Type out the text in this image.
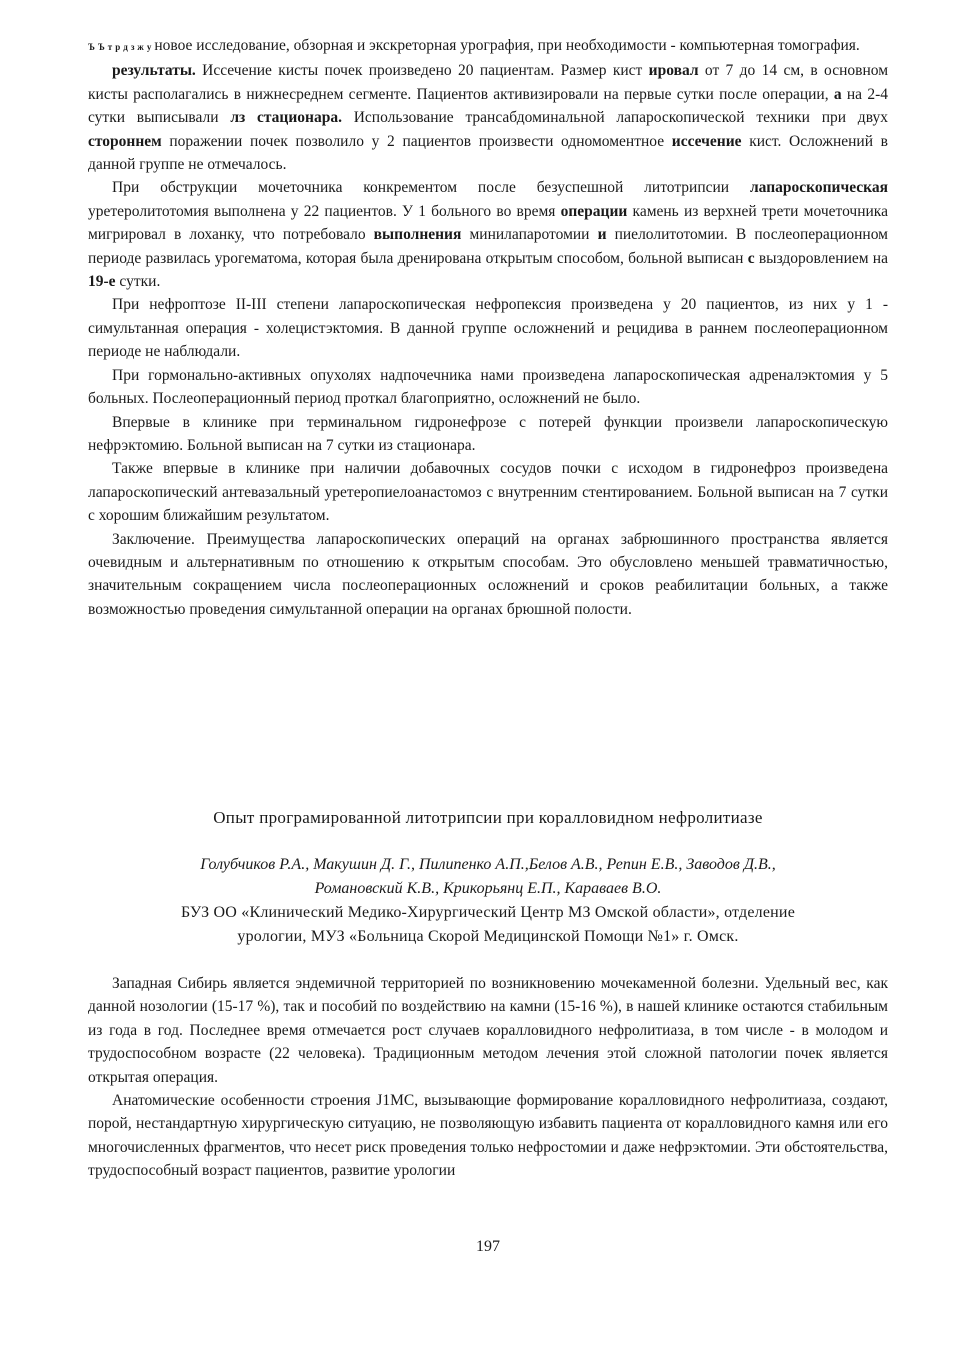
ЪЪтрдзжуновое исследование, обзорная и экскреторная урография, при необходимости - компьютерная томография.

результаты. Иссечение кисты почек произведено 20 пациентам. Размер кист ировал от 7 до 14 см, в основном кисты располагались в нижнесреднем сегменте. Пациентов активизировали на первые сутки после операции, а на 2-4 сутки выписывали лз стационара. Использование трансабдоминальной лапароскопической техники при двух стороннем поражении почек позволило у 2 пациентов произвести одномоментное иссечение кист. Осложнений в данной группе не отмечалось.

При обструкции мочеточника конкрементом после безуспешной литотрипсии лапароскопическая уретеролитотомия выполнена у 22 пациентов. У 1 больного во время операции камень из верхней трети мочеточника мигрировал в лоханку, что потребовало выполнения минилапаротомии и пиелолитотомии. В послеоперационном периоде развилась урогематома, которая была дренирована открытым способом, больной выписан с выздоровлением на 19-е сутки.

При нефроптозе II-III степени лапароскопическая нефропексия произведена у 20 пациентов, из них у 1 - симультанная операция - холецистэктомия. В данной группе осложнений и рецидива в раннем послеоперационном периоде не наблюдали.

При гормонально-активных опухолях надпочечника нами произведена лапароскопическая адреналэктомия у 5 больных. Послеоперационный период проткал благоприятно, осложнений не было.

Впервые в клинике при терминальном гидронефрозе с потерей функции произвели лапароскопическую нефрэктомию. Больной выписан на 7 сутки из стационара.

Также впервые в клинике при наличии добавочных сосудов почки с исходом в гидронефроз произведена лапароскопический антевазальный уретеропиелоанастомоз с внутренним стентированием. Больной выписан на 7 сутки с хорошим ближайшим результатом.

Заключение. Преимущества лапароскопических операций на органах забрюшинного пространства является очевидным и альтернативным по отношению к открытым способам. Это обусловлено меньшей травматичностью, значительным сокращением числа послеоперационных осложнений и сроков реабилитации больных, а также возможностью проведения симультанной операции на органах брюшной полости.

Опыт програмированной литотрипсии при коралловидном нефролитиазе
Голубчиков Р.А., Макушин Д. Г., Пилипенко А.П.,Белов А.В., Репин Е.В., Заводов Д.В.,
Романовский К.В., Крикорьянц Е.П., Караваев В.О.
БУЗ ОО «Клинический Медико-Хирургический Центр МЗ Омской области», отделение
урологии, МУЗ «Больница Скорой Медицинской Помощи №1» г. Омск.

Западная Сибирь является эндемичной территорией по возникновению мочекаменной болезни. Удельный вес, как данной нозологии (15-17 %), так и пособий по воздействию на камни (15-16 %), в нашей клинике остаются стабильным из года в год. Последнее время отмечается рост случаев коралловидного нефролитиаза, в том числе - в молодом и трудоспособном возрасте (22 человека). Традиционным методом лечения этой сложной патологии почек является открытая операция.

Анатомические особенности строения J1МС, вызывающие формирование коралловидного нефролитиаза, создают, порой, нестандартную хирургическую ситуацию, не позволяющую избавить пациента от коралловидного камня или его многочисленных фрагментов, что несет риск проведения только нефростомии и даже нефрэктомии. Эти обстоятельства, трудоспособный возраст пациентов, развитие урологии

197
